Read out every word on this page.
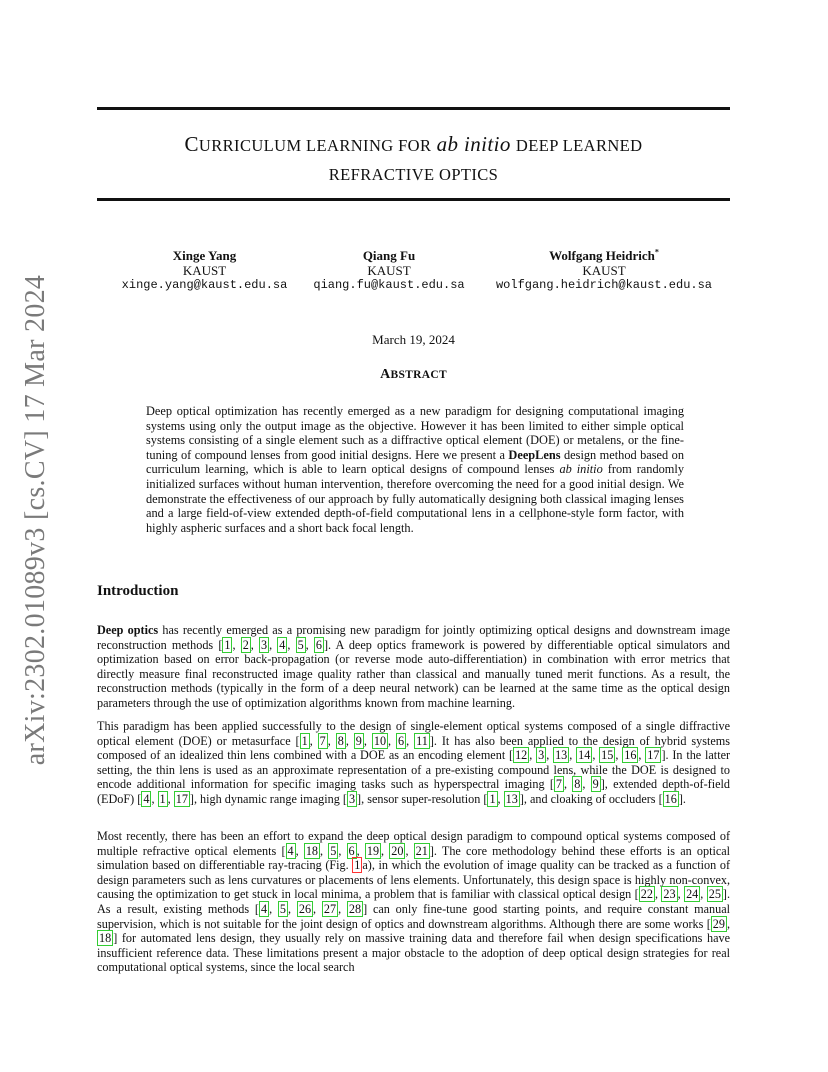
arXiv:2302.01089v3 [cs.CV] 17 Mar 2024
CURRICULUM LEARNING FOR ab initio DEEP LEARNED
REFRACTIVE OPTICS
Xinge Yang
KAUST
xinge.yang@kaust.edu.sa
Qiang Fu
KAUST
qiang.fu@kaust.edu.sa
Wolfgang Heidrich*
KAUST
wolfgang.heidrich@kaust.edu.sa
March 19, 2024
ABSTRACT
Deep optical optimization has recently emerged as a new paradigm for designing computational imaging systems using only the output image as the objective. However it has been limited to either simple optical systems consisting of a single element such as a diffractive optical element (DOE) or metalens, or the fine-tuning of compound lenses from good initial designs. Here we present a DeepLens design method based on curriculum learning, which is able to learn optical designs of compound lenses ab initio from randomly initialized surfaces without human intervention, therefore overcoming the need for a good initial design. We demonstrate the effectiveness of our approach by fully automatically designing both classical imaging lenses and a large field-of-view extended depth-of-field computational lens in a cellphone-style form factor, with highly aspheric surfaces and a short back focal length.
Introduction
Deep optics has recently emerged as a promising new paradigm for jointly optimizing optical designs and downstream image reconstruction methods [ 1 , 2 , 3 , 4 , 5 , 6 ]. A deep optics framework is powered by differentiable optical simulators and optimization based on error back-propagation (or reverse mode auto-differentiation) in combination with error metrics that directly measure final reconstructed image quality rather than classical and manually tuned merit functions. As a result, the reconstruction methods (typically in the form of a deep neural network) can be learned at the same time as the optical design parameters through the use of optimization algorithms known from machine learning.
This paradigm has been applied successfully to the design of single-element optical systems composed of a single diffractive optical element (DOE) or metasurface [ 1 , 7 , 8 , 9 , 10 , 6 , 11 ]. It has also been applied to the design of hybrid systems composed of an idealized thin lens combined with a DOE as an encoding element [ 12 , 3 , 13 , 14 , 15 , 16 , 17 ]. In the latter setting, the thin lens is used as an approximate representation of a pre-existing compound lens, while the DOE is designed to encode additional information for specific imaging tasks such as hyperspectral imaging [ 7 , 8 , 9 ], extended depth-of-field (EDoF) [ 4 , 1 , 17 ], high dynamic range imaging [ 3 ], sensor super-resolution [ 1 , 13 ], and cloaking of occluders [ 16 ].
Most recently, there has been an effort to expand the deep optical design paradigm to compound optical systems composed of multiple refractive optical elements [ 4 , 18 , 5 , 6 , 19 , 20 , 21 ]. The core methodology behind these efforts is an optical simulation based on differentiable ray-tracing (Fig. 1 a), in which the evolution of image quality can be tracked as a function of design parameters such as lens curvatures or placements of lens elements. Unfortunately, this design space is highly non-convex, causing the optimization to get stuck in local minima, a problem that is familiar with classical optical design [ 22 , 23 , 24 , 25 ]. As a result, existing methods [ 4 , 5 , 26 , 27 , 28 ] can only fine-tune good starting points, and require constant manual supervision, which is not suitable for the joint design of optics and downstream algorithms. Although there are some works [ 29 , 18 ] for automated lens design, they usually rely on massive training data and therefore fail when design specifications have insufficient reference data. These limitations present a major obstacle to the adoption of deep optical design strategies for real computational optical systems, since the local search
